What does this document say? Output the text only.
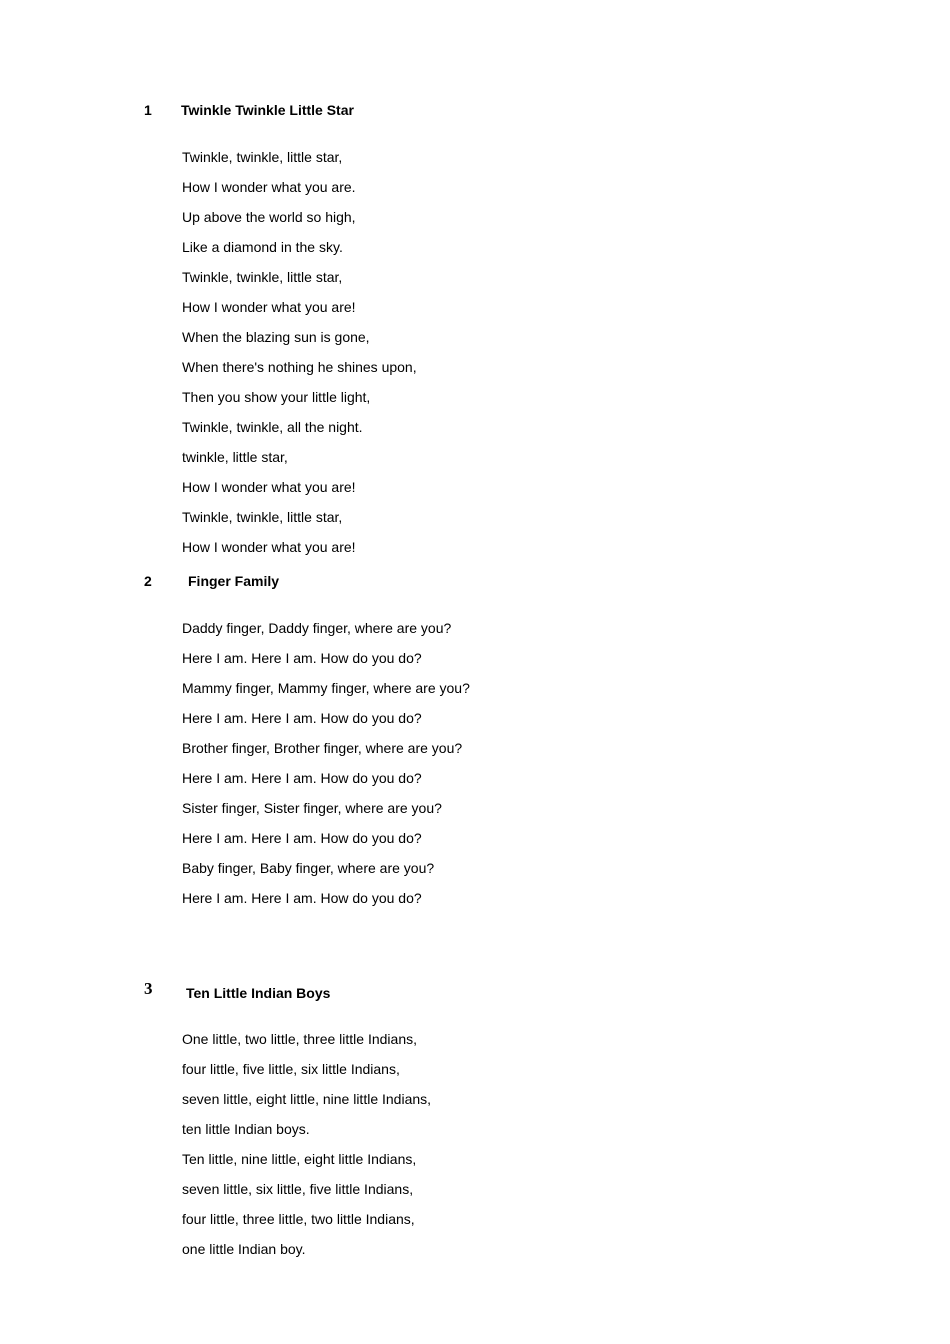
1 Twinkle Twinkle Little Star
Twinkle, twinkle, little star,
How I wonder what you are.
Up above the world so high,
Like a diamond in the sky.
Twinkle, twinkle, little star,
How I wonder what you are!
When the blazing sun is gone,
When there's nothing he shines upon,
Then you show your little light,
Twinkle, twinkle, all the night.
twinkle, little star,
How I wonder what you are!
Twinkle, twinkle, little star,
How I wonder what you are!
2	Finger Family
Daddy finger, Daddy finger, where are you?
Here I am. Here I am. How do you do?
Mammy finger, Mammy finger, where are you?
Here I am. Here I am. How do you do?
Brother finger, Brother finger, where are you?
Here I am. Here I am. How do you do?
Sister finger, Sister finger, where are you?
Here I am. Here I am. How do you do?
Baby finger, Baby finger, where are you?
Here I am. Here I am. How do you do?
3 Ten Little Indian Boys
One little, two little, three little Indians,
four little, five little, six little Indians,
seven little, eight little, nine little Indians,
ten little Indian boys.
Ten little, nine little, eight little Indians,
seven little, six little, five little Indians,
four little, three little, two little Indians,
one little Indian boy.
